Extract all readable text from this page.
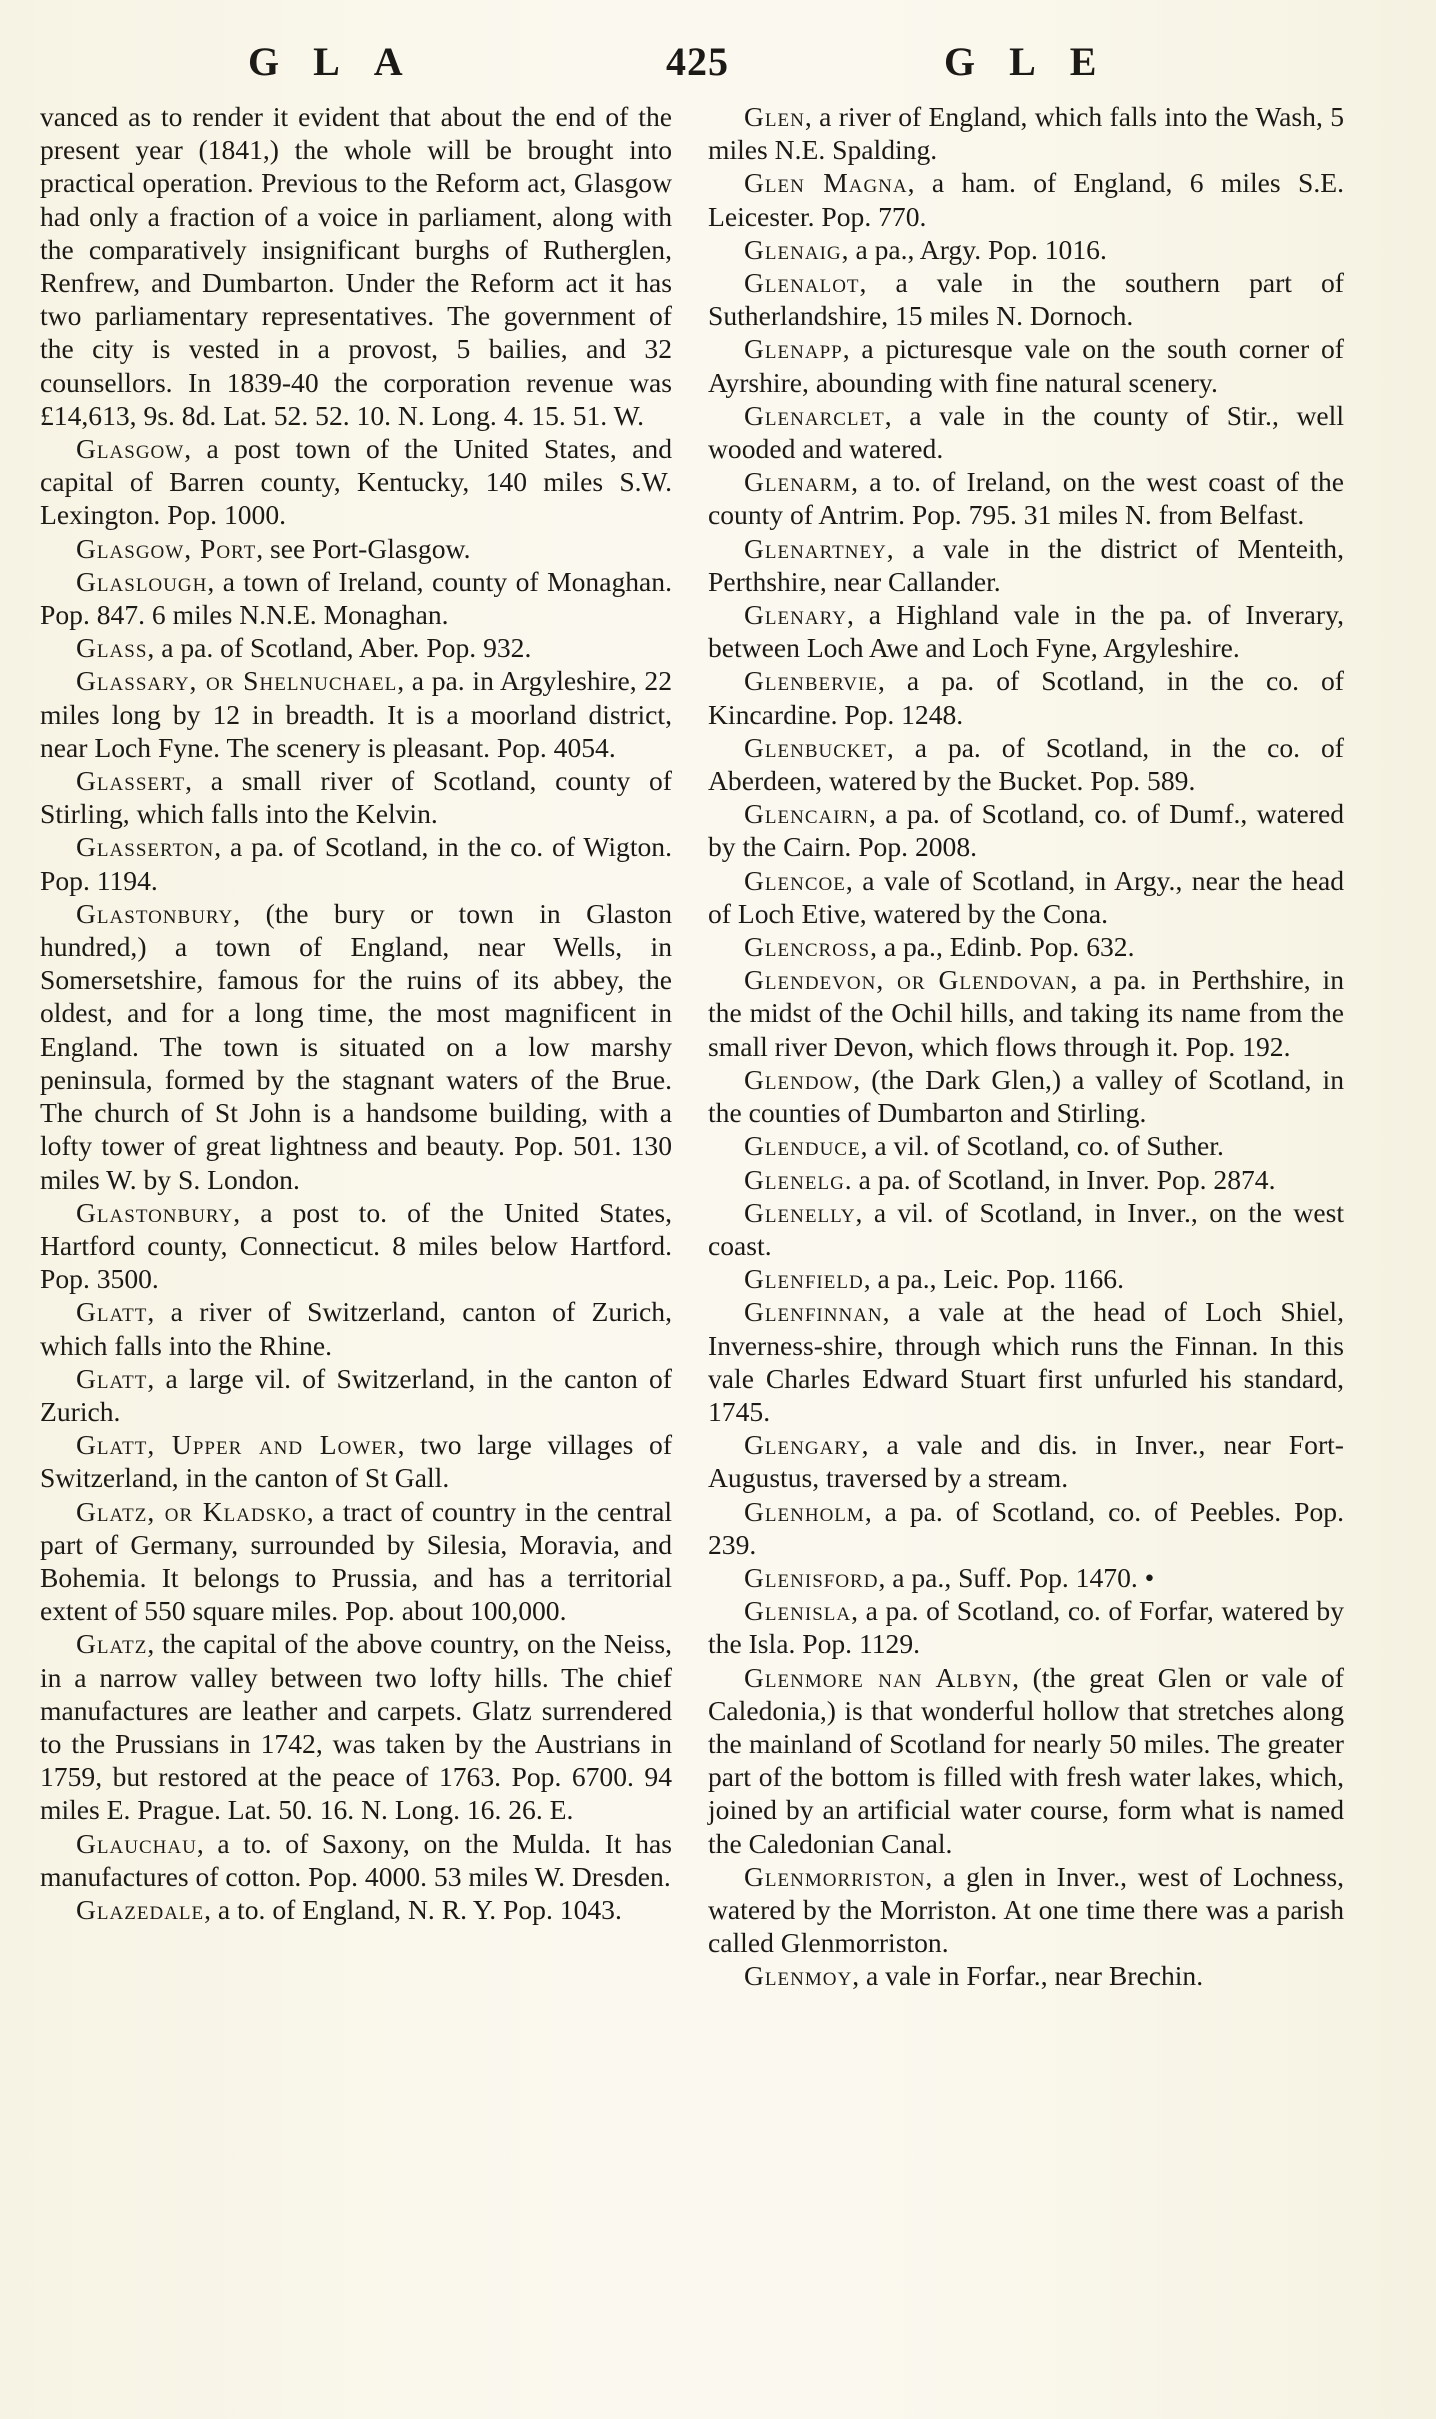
GLA	425	GLE

vanced as to render it evident that about the end of the present year (1841,) the whole will be brought into practical operation. Previous to the Reform act, Glasgow had only a fraction of a voice in parliament, along with the comparatively insignificant burghs of Rutherglen, Renfrew, and Dumbarton. Under the Reform act it has two parliamentary representatives. The government of the city is vested in a provost, 5 bailies, and 32 counsellors. In 1839-40 the corporation revenue was £14,613, 9s. 8d. Lat. 52. 52. 10. N. Long. 4. 15. 51. W.

Glasgow, a post town of the United States, and capital of Barren county, Kentucky, 140 miles S.W. Lexington. Pop. 1000.

Glasgow, Port, see Port-Glasgow.

Glaslough, a town of Ireland, county of Monaghan. Pop. 847. 6 miles N.N.E. Monaghan.

Glass, a pa. of Scotland, Aber. Pop. 932.

Glassary, or Shelnuchael, a pa. in Argyleshire, 22 miles long by 12 in breadth. It is a moorland district, near Loch Fyne. The scenery is pleasant. Pop. 4054.

Glassert, a small river of Scotland, county of Stirling, which falls into the Kelvin.

Glasserton, a pa. of Scotland, in the co. of Wigton. Pop. 1194.

Glastonbury, (the bury or town in Glaston hundred,) a town of England, near Wells, in Somersetshire, famous for the ruins of its abbey, the oldest, and for a long time, the most magnificent in England. The town is situated on a low marshy peninsula, formed by the stagnant waters of the Brue. The church of St John is a handsome building, with a lofty tower of great lightness and beauty. Pop. 501. 130 miles W. by S. London.

Glastonbury, a post to. of the United States, Hartford county, Connecticut. 8 miles below Hartford. Pop. 3500.

Glatt, a river of Switzerland, canton of Zurich, which falls into the Rhine.

Glatt, a large vil. of Switzerland, in the canton of Zurich.

Glatt, Upper and Lower, two large villages of Switzerland, in the canton of St Gall.

Glatz, or Kladsko, a tract of country in the central part of Germany, surrounded by Silesia, Moravia, and Bohemia. It belongs to Prussia, and has a territorial extent of 550 square miles. Pop. about 100,000.

Glatz, the capital of the above country, on the Neiss, in a narrow valley between two lofty hills. The chief manufactures are leather and carpets. Glatz surrendered to the Prussians in 1742, was taken by the Austrians in 1759, but restored at the peace of 1763. Pop. 6700. 94 miles E. Prague. Lat. 50. 16. N. Long. 16. 26. E.

Glauchau, a to. of Saxony, on the Mulda. It has manufactures of cotton. Pop. 4000. 53 miles W. Dresden.

Glazedale, a to. of England, N. R. Y. Pop. 1043.

Glen, a river of England, which falls into the Wash, 5 miles N.E. Spalding.

Glen Magna, a ham. of England, 6 miles S.E. Leicester. Pop. 770.

Glenaig, a pa., Argy. Pop. 1016.

Glenalot, a vale in the southern part of Sutherlandshire, 15 miles N. Dornoch.

Glenapp, a picturesque vale on the south corner of Ayrshire, abounding with fine natural scenery.

Glenarclet, a vale in the county of Stir., well wooded and watered.

Glenarm, a to. of Ireland, on the west coast of the county of Antrim. Pop. 795. 31 miles N. from Belfast.

Glenartney, a vale in the district of Menteith, Perthshire, near Callander.

Glenary, a Highland vale in the pa. of Inverary, between Loch Awe and Loch Fyne, Argyleshire.

Glenbervie, a pa. of Scotland, in the co. of Kincardine. Pop. 1248.

Glenbucket, a pa. of Scotland, in the co. of Aberdeen, watered by the Bucket. Pop. 589.

Glencairn, a pa. of Scotland, co. of Dumf., watered by the Cairn. Pop. 2008.

Glencoe, a vale of Scotland, in Argy., near the head of Loch Etive, watered by the Cona.

Glencross, a pa., Edinb. Pop. 632.

Glendevon, or Glendovan, a pa. in Perthshire, in the midst of the Ochil hills, and taking its name from the small river Devon, which flows through it. Pop. 192.

Glendow, (the Dark Glen,) a valley of Scotland, in the counties of Dumbarton and Stirling.

Glenduce, a vil. of Scotland, co. of Suther.

Glenelg. a pa. of Scotland, in Inver. Pop. 2874.

Glenelly, a vil. of Scotland, in Inver., on the west coast.

Glenfield, a pa., Leic. Pop. 1166.

Glenfinnan, a vale at the head of Loch Shiel, Inverness-shire, through which runs the Finnan. In this vale Charles Edward Stuart first unfurled his standard, 1745.

Glengary, a vale and dis. in Inver., near Fort-Augustus, traversed by a stream.

Glenholm, a pa. of Scotland, co. of Peebles. Pop. 239.

Glenisford, a pa., Suff. Pop. 1470. •

Glenisla, a pa. of Scotland, co. of Forfar, watered by the Isla. Pop. 1129.

Glenmore nan Albyn, (the great Glen or vale of Caledonia,) is that wonderful hollow that stretches along the mainland of Scotland for nearly 50 miles. The greater part of the bottom is filled with fresh water lakes, which, joined by an artificial water course, form what is named the Caledonian Canal.

Glenmorriston, a glen in Inver., west of Lochness, watered by the Morriston. At one time there was a parish called Glenmorriston.

Glenmoy, a vale in Forfar., near Brechin.
